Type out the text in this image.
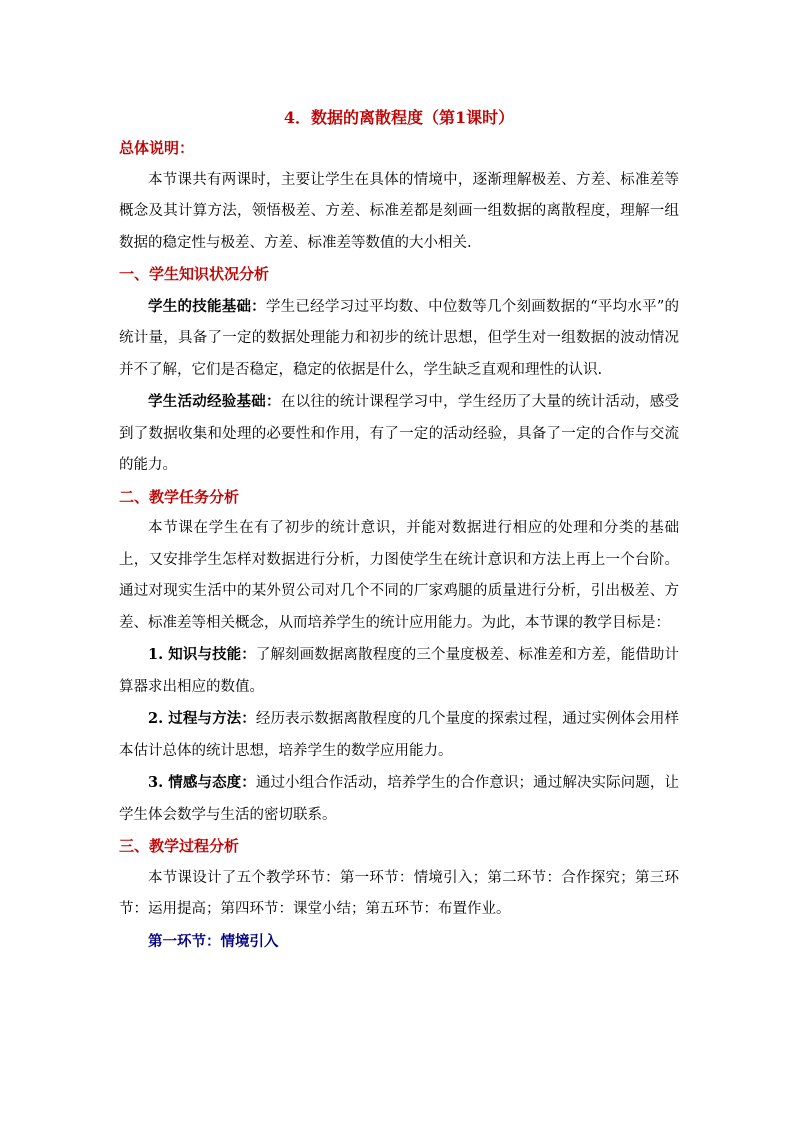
4．数据的离散程度（第1课时）

总体说明：

本节课共有两课时，主要让学生在具体的情境中，逐渐理解极差、方差、标准差等概念及其计算方法，领悟极差、方差、标准差都是刻画一组数据的离散程度，理解一组数据的稳定性与极差、方差、标准差等数值的大小相关.

一、学生知识状况分析

学生的技能基础：学生已经学习过平均数、中位数等几个刻画数据的“平均水平”的统计量，具备了一定的数据处理能力和初步的统计思想，但学生对一组数据的波动情况并不了解，它们是否稳定，稳定的依据是什么，学生缺乏直观和理性的认识.

学生活动经验基础：在以往的统计课程学习中，学生经历了大量的统计活动，感受到了数据收集和处理的必要性和作用，有了一定的活动经验，具备了一定的合作与交流的能力。

二、教学任务分析

本节课在学生在有了初步的统计意识，并能对数据进行相应的处理和分类的基础上，又安排学生怎样对数据进行分析，力图使学生在统计意识和方法上再上一个台阶。通过对现实生活中的某外贸公司对几个不同的厂家鸡腿的质量进行分析，引出极差、方差、标准差等相关概念，从而培养学生的统计应用能力。为此，本节课的教学目标是：

1. 知识与技能：了解刻画数据离散程度的三个量度极差、标准差和方差，能借助计算器求出相应的数值。

2. 过程与方法：经历表示数据离散程度的几个量度的探索过程，通过实例体会用样本估计总体的统计思想，培养学生的数学应用能力。

3. 情感与态度：通过小组合作活动，培养学生的合作意识；通过解决实际问题，让学生体会数学与生活的密切联系。

三、教学过程分析

本节课设计了五个教学环节：第一环节：情境引入；第二环节：合作探究；第三环节：运用提高；第四环节：课堂小结；第五环节：布置作业。

第一环节：情境引入
